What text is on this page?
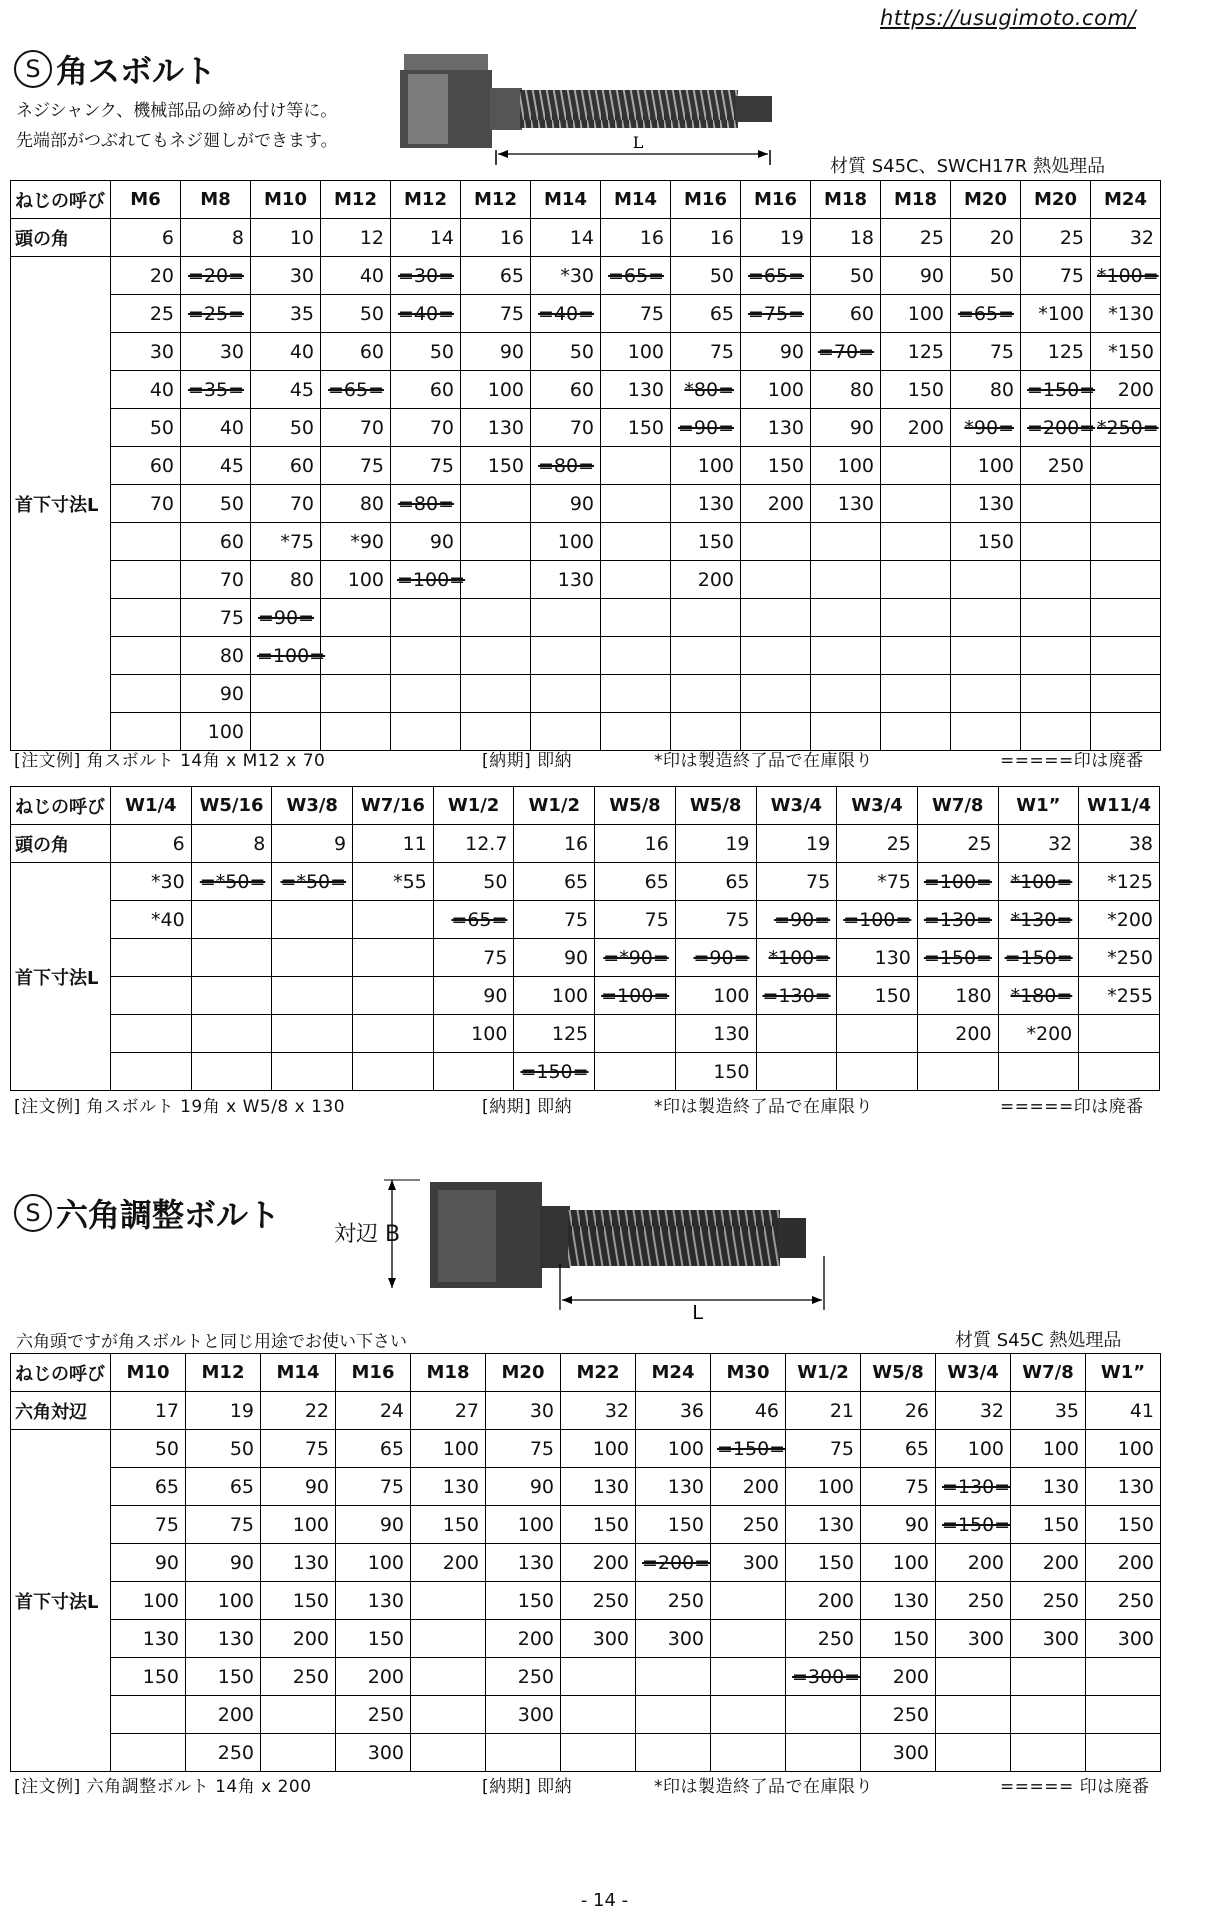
https://usugimoto.com/
S 角スボルト
ネジシャンク、機械部品の締め付け等に。
先端部がつぶれてもネジ廻しができます。	L
材質 S45C、SWCH17R 熱処理品
ねじの呼び	M6	M8	M10	M12	M12	M12	M14	M14	M16	M16	M18	M18	M20	M20	M24
頭の角	6	8	10	12	14	16	14	16	16	19	18	25	20	25	32
首下寸法L	20	=20=	30	40	=30=	65	*30	=65=	50	=65=	50	90	50	75	*100=
	25	=25=	35	50	=40=	75	=40=	75	65	=75=	60	100	=65=	*100	*130
	30	30	40	60	50	90	50	100	75	90	=70=	125	75	125	*150
	40	=35=	45	=65=	60	100	60	130	*80=	100	80	150	80	=150=	200
	50	40	50	70	70	130	70	150	=90=	130	90	200	*90=	=200=	*250=
	60	45	60	75	75	150	=80=		100	150	100		100	250	
	70	50	70	80	=80=		90		130	200	130		130		
		60	*75	*90	90		100		150				150		
		70	80	100	=100=		130		200						
		75	=90=												
		80	=100=												
		90													
		100													
[注文例] 角スボルト 14角 x M12 x 70	[納期] 即納	*印は製造終了品で在庫限り	=====印は廃番
ねじの呼び	W1/4	W5/16	W3/8	W7/16	W1/2	W1/2	W5/8	W5/8	W3/4	W3/4	W7/8	W1”	W11/4
頭の角	6	8	9	11	12.7	16	16	19	19	25	25	32	38
首下寸法L	*30	=*50=	=*50=	*55	50	65	65	65	75	*75	=100=	*100=	*125
	*40				=65=	75	75	75	=90=	=100=	=130=	*130=	*200
					75	90	=*90=	=90=	*100=	130	=150=	=150=	*250
					90	100	=100=	100	=130=	150	180	*180=	*255
					100	125		130			200	*200	
						=150=		150					
[注文例] 角スボルト 19角 x W5/8 x 130	[納期] 即納	*印は製造終了品で在庫限り	=====印は廃番
S 六角調整ボルト
対辺 B
L
六角頭ですが角スボルトと同じ用途でお使い下さい	材質 S45C 熱処理品
ねじの呼び	M10	M12	M14	M16	M18	M20	M22	M24	M30	W1/2	W5/8	W3/4	W7/8	W1”
六角対辺	17	19	22	24	27	30	32	36	46	21	26	32	35	41
首下寸法L	50	50	75	65	100	75	100	100	=150=	75	65	100	100	100
	65	65	90	75	130	90	130	130	200	100	75	=130=	130	130
	75	75	100	90	150	100	150	150	250	130	90	=150=	150	150
	90	90	130	100	200	130	200	=200=	300	150	100	200	200	200
	100	100	150	130		150	250	250		200	130	250	250	250
	130	130	200	150		200	300	300		250	150	300	300	300
	150	150	250	200		250				=300=	200			
		200		250		300					250			
		250		300							300			
[注文例] 六角調整ボルト 14角 x 200	[納期] 即納	*印は製造終了品で在庫限り	===== 印は廃番
- 14 -
